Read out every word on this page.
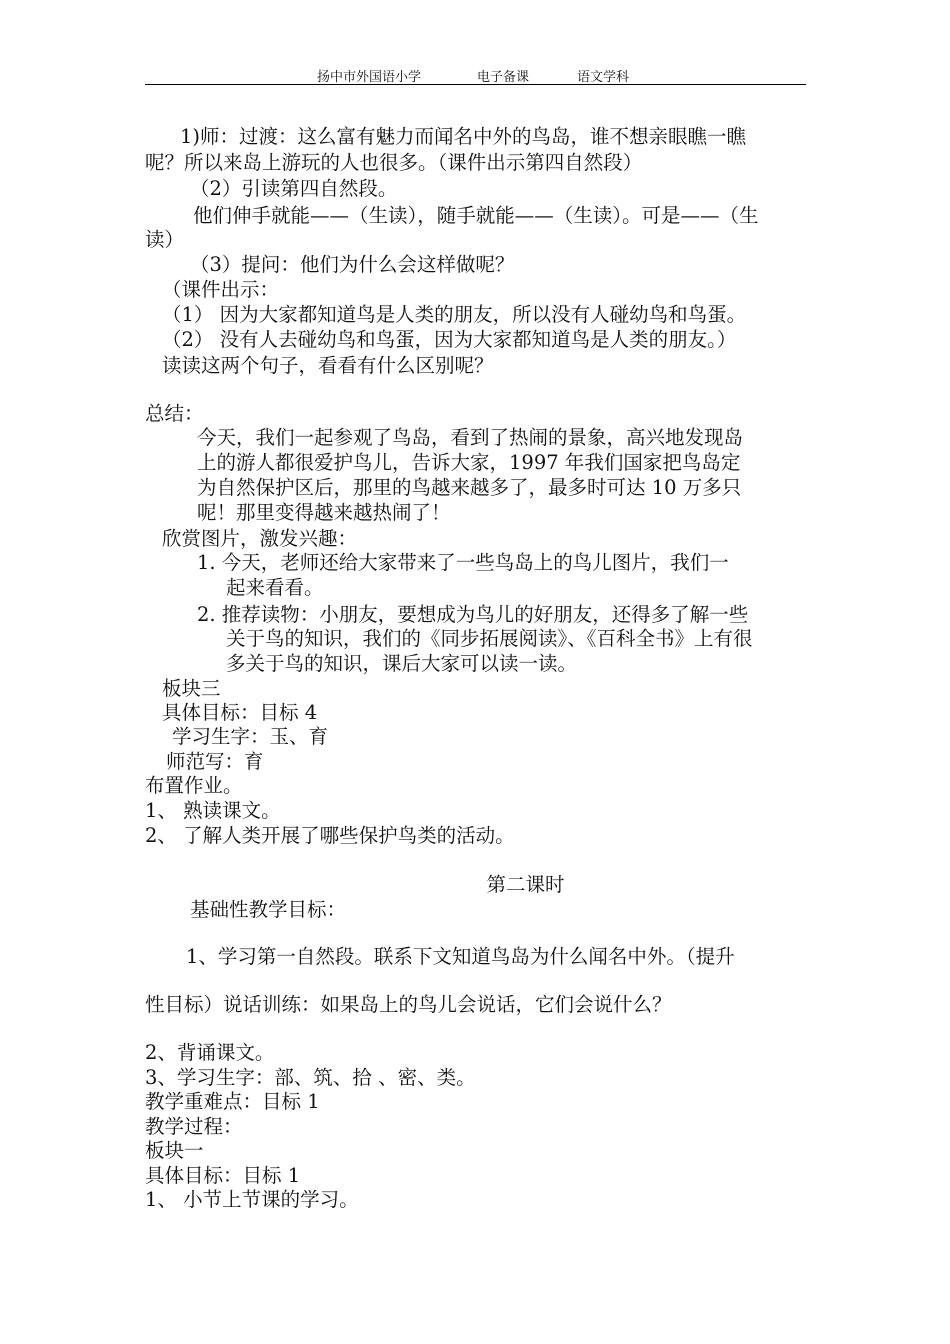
扬中市外国语小学	电子备课	语文学科
1)师：过渡：这么富有魅力而闻名中外的鸟岛，谁不想亲眼瞧一瞧
呢？所以来岛上游玩的人也很多。（课件出示第四自然段）
（2）引读第四自然段。
他们伸手就能——（生读），随手就能——（生读）。可是——（生
读）
（3）提问：他们为什么会这样做呢？
（课件出示：
（1） 因为大家都知道鸟是人类的朋友，所以没有人碰幼鸟和鸟蛋。
（2） 没有人去碰幼鸟和鸟蛋，因为大家都知道鸟是人类的朋友。）
读读这两个句子，看看有什么区别呢？
总结：
今天，我们一起参观了鸟岛，看到了热闹的景象，高兴地发现岛
上的游人都很爱护鸟儿，告诉大家，1997 年我们国家把鸟岛定
为自然保护区后，那里的鸟越来越多了，最多时可达 10 万多只
呢！那里变得越来越热闹了！
欣赏图片，激发兴趣：
1. 今天，老师还给大家带来了一些鸟岛上的鸟儿图片，我们一
起来看看。
2. 推荐读物：小朋友，要想成为鸟儿的好朋友，还得多了解一些
关于鸟的知识，我们的《同步拓展阅读》、《百科全书》上有很
多关于鸟的知识，课后大家可以读一读。
板块三
具体目标：目标 4
学习生字：玉、育
师范写：育
布置作业。
1、 熟读课文。
2、 了解人类开展了哪些保护鸟类的活动。
第二课时
基础性教学目标：
1、学习第一自然段。联系下文知道鸟岛为什么闻名中外。（提升
性目标）说话训练：如果岛上的鸟儿会说话，它们会说什么？
2、背诵课文。
3、学习生字：部、筑、拾 、密、类。
教学重难点：目标 1
教学过程：
板块一
具体目标：目标 1
1、 小节上节课的学习。
